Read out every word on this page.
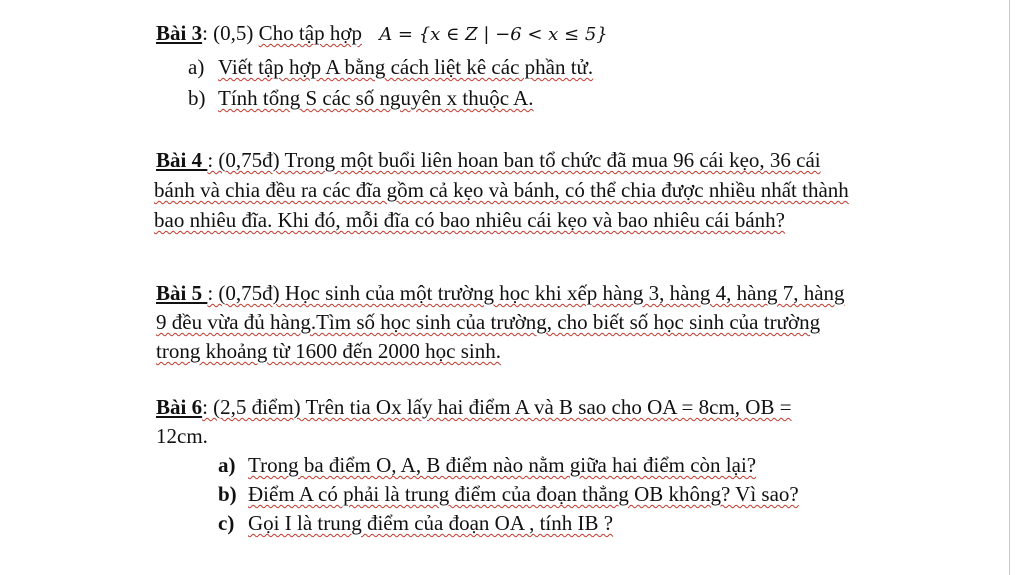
Bài 3: (0,5) Cho tập hợp A = {x ∈ Z | −6 < x ≤ 5}
a) Viết tập hợp A bằng cách liệt kê các phần tử.
b) Tính tổng S các số nguyên x thuộc A.
Bài 4 : (0,75đ) Trong một buổi liên hoan ban tổ chức đã mua 96 cái kẹo, 36 cái
bánh và chia đều ra các đĩa gồm cả kẹo và bánh, có thể chia được nhiều nhất thành
bao nhiêu đĩa. Khi đó, mỗi đĩa có bao nhiêu cái kẹo và bao nhiêu cái bánh?
Bài 5 : (0,75đ) Học sinh của một trường học khi xếp hàng 3, hàng 4, hàng 7, hàng
9 đều vừa đủ hàng.Tìm số học sinh của trường, cho biết số học sinh của trường
trong khoảng từ 1600 đến 2000 học sinh.
Bài 6: (2,5 điểm) Trên tia Ox lấy hai điểm A và B sao cho OA = 8cm, OB =
12cm.
a) Trong ba điểm O, A, B điểm nào nằm giữa hai điểm còn lại?
b) Điểm A có phải là trung điểm của đoạn thẳng OB không? Vì sao?
c) Gọi I là trung điểm của đoạn OA , tính IB ?
